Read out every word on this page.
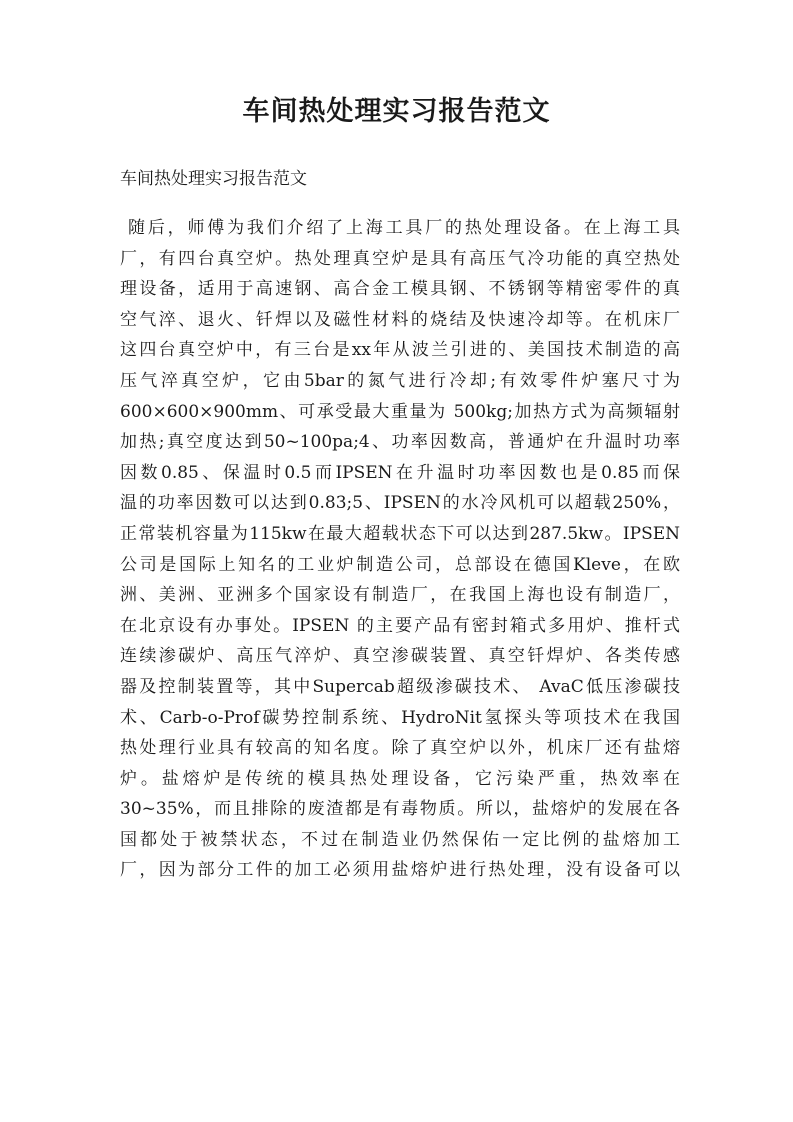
车间热处理实习报告范文

车间热处理实习报告范文

随后，师傅为我们介绍了上海工具厂的热处理设备。在上海工具
厂，有四台真空炉。热处理真空炉是具有高压气冷功能的真空热处
理设备，适用于高速钢、高合金工模具钢、不锈钢等精密零件的真
空气淬、退火、钎焊以及磁性材料的烧结及快速冷却等。在机床厂
这四台真空炉中，有三台是xx年从波兰引进的、美国技术制造的高
压气淬真空炉，它由5bar的氮气进行冷却;有效零件炉塞尺寸为
600×600×900mm、可承受最大重量为 500kg;加热方式为高频辐射
加热;真空度达到50~100pa;4、功率因数高，普通炉在升温时功率
因数0.85、保温时0.5而IPSEN在升温时功率因数也是0.85而保
温的功率因数可以达到0.83;5、IPSEN的水冷风机可以超载250%，
正常装机容量为115kw在最大超载状态下可以达到287.5kw。IPSEN
公司是国际上知名的工业炉制造公司，总部设在德国Kleve，在欧
洲、美洲、亚洲多个国家设有制造厂，在我国上海也设有制造厂，
在北京设有办事处。IPSEN 的主要产品有密封箱式多用炉、推杆式
连续渗碳炉、高压气淬炉、真空渗碳装置、真空钎焊炉、各类传感
器及控制装置等，其中Supercab超级渗碳技术、 AvaC低压渗碳技
术、Carb-o-Prof碳势控制系统、HydroNit氢探头等项技术在我国
热处理行业具有较高的知名度。除了真空炉以外，机床厂还有盐熔
炉。盐熔炉是传统的模具热处理设备，它污染严重，热效率在
30~35%，而且排除的废渣都是有毒物质。所以，盐熔炉的发展在各
国都处于被禁状态，不过在制造业仍然保佑一定比例的盐熔加工
厂，因为部分工件的加工必须用盐熔炉进行热处理，没有设备可以
